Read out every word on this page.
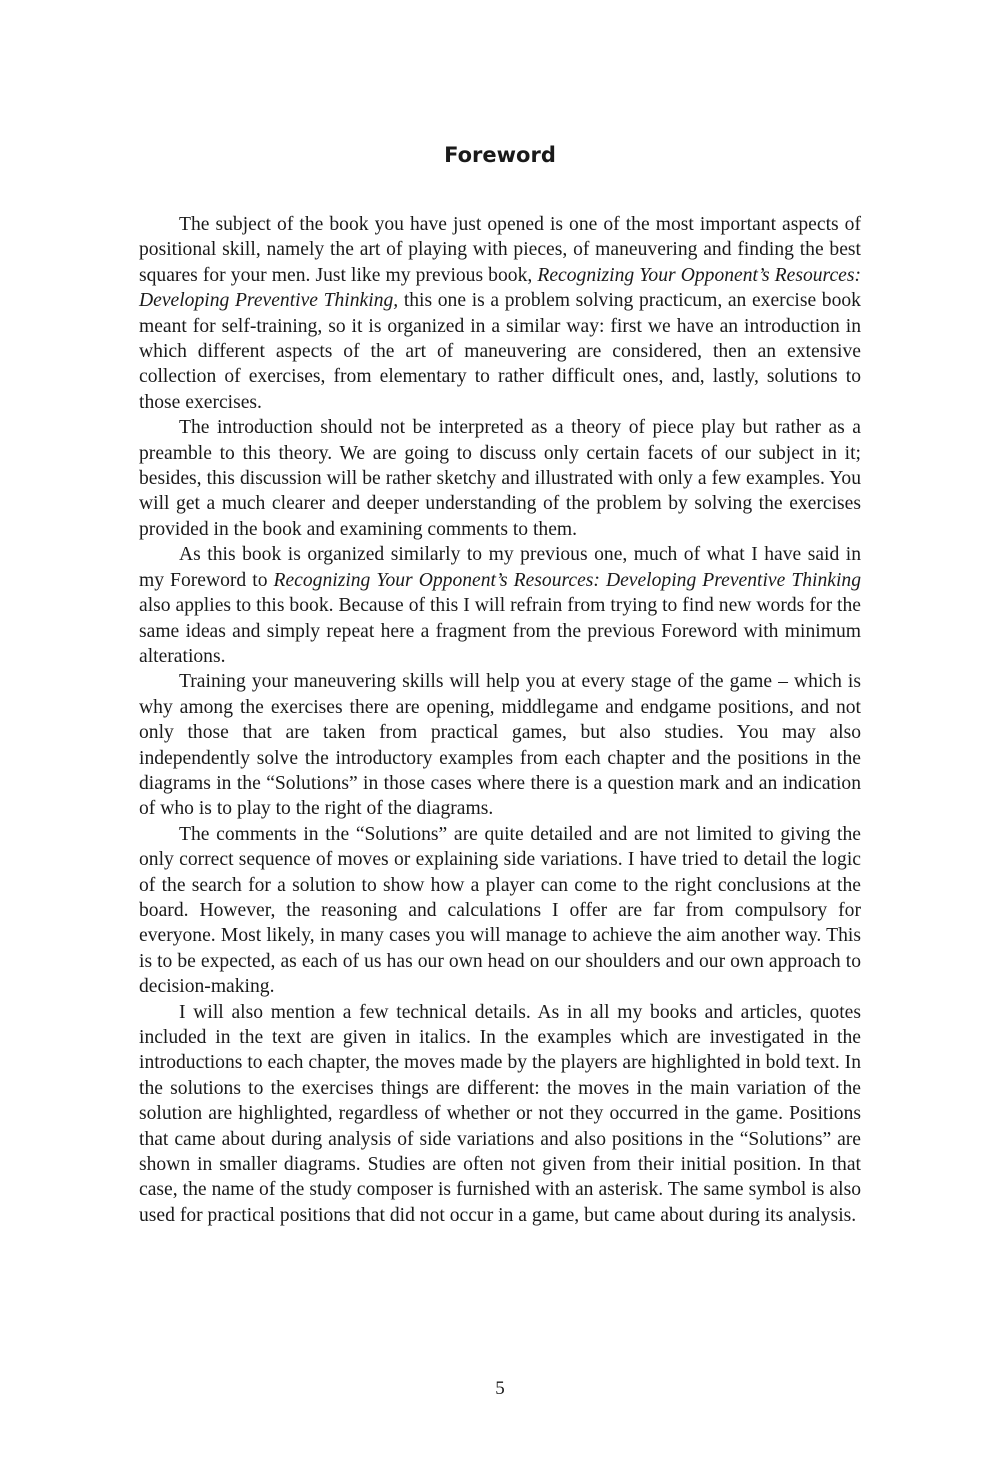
Foreword

The subject of the book you have just opened is one of the most important aspects of positional skill, namely the art of playing with pieces, of maneuvering and finding the best squares for your men. Just like my previous book, Recognizing Your Opponent’s Resources: Developing Preventive Thinking, this one is a problem solving practicum, an exercise book meant for self-training, so it is organized in a similar way: first we have an introduction in which different aspects of the art of maneuvering are considered, then an extensive collection of exercises, from elementary to rather difficult ones, and, lastly, solutions to those exercises.

The introduction should not be interpreted as a theory of piece play but rather as a preamble to this theory. We are going to discuss only certain facets of our subject in it; besides, this discussion will be rather sketchy and illustrated with only a few examples. You will get a much clearer and deeper understanding of the problem by solving the exercises provided in the book and examining comments to them.

As this book is organized similarly to my previous one, much of what I have said in my Foreword to Recognizing Your Opponent’s Resources: Developing Preventive Thinking also applies to this book. Because of this I will refrain from trying to find new words for the same ideas and simply repeat here a fragment from the previous Foreword with minimum alterations.

Training your maneuvering skills will help you at every stage of the game – which is why among the exercises there are opening, middlegame and endgame positions, and not only those that are taken from practical games, but also studies. You may also independently solve the introductory examples from each chapter and the positions in the diagrams in the “Solutions” in those cases where there is a question mark and an indication of who is to play to the right of the diagrams.

The comments in the “Solutions” are quite detailed and are not limited to giving the only correct sequence of moves or explaining side variations. I have tried to detail the logic of the search for a solution to show how a player can come to the right conclusions at the board. However, the reasoning and calculations I offer are far from compulsory for everyone. Most likely, in many cases you will manage to achieve the aim another way. This is to be expected, as each of us has our own head on our shoulders and our own approach to decision-making.

I will also mention a few technical details. As in all my books and articles, quotes included in the text are given in italics. In the examples which are investigated in the introductions to each chapter, the moves made by the players are highlighted in bold text. In the solutions to the exercises things are different: the moves in the main variation of the solution are highlighted, regardless of whether or not they occurred in the game. Positions that came about during analysis of side variations and also positions in the “Solutions” are shown in smaller diagrams. Studies are often not given from their initial position. In that case, the name of the study composer is furnished with an asterisk. The same symbol is also used for practical positions that did not occur in a game, but came about during its analysis.

5
